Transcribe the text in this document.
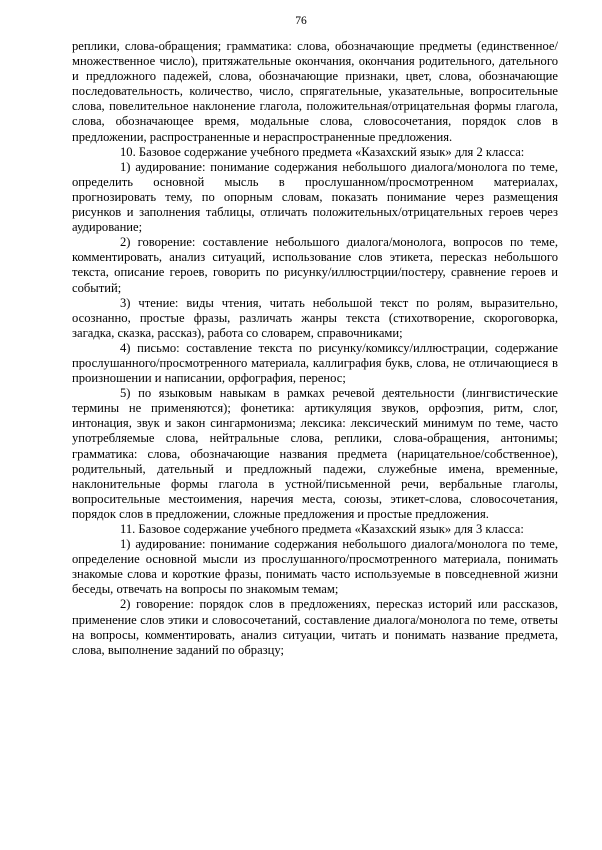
76

реплики, слова-обращения; грамматика: слова, обозначающие предметы (единственное/множественное число), притяжательные окончания, окончания родительного, дательного и предложного падежей, слова, обозначающие признаки, цвет, слова, обозначающие последовательность, количество, число, спрягательные, указательные, вопросительные слова, повелительное наклонение глагола, положительная/отрицательная формы глагола, слова, обозначающее время, модальные слова, словосочетания, порядок слов в предложении, распространенные и нераспространенные предложения.

10. Базовое содержание учебного предмета «Казахский язык» для 2 класса:

1) аудирование: понимание содержания небольшого диалога/монолога по теме, определить основной мысль в прослушанном/просмотренном материалах, прогнозировать тему, по опорным словам, показать понимание через размещения рисунков и заполнения таблицы, отличать положительных/отрицательных героев через аудирование;

2) говорение: составление небольшого диалога/монолога, вопросов по теме, комментировать, анализ ситуаций, использование слов этикета, пересказ небольшого текста, описание героев, говорить по рисунку/иллюстрции/постеру, сравнение героев и событий;

3) чтение: виды чтения, читать небольшой текст по ролям, выразительно, осознанно, простые фразы, различать жанры текста (стихотворение, скороговорка, загадка, сказка, рассказ), работа со словарем, справочниками;

4) письмо: составление текста по рисунку/комиксу/иллюстрации, содержание прослушанного/просмотренного материала, каллиграфия букв, слова, не отличающиеся в произношении и написании, орфография, перенос;

5) по языковым навыкам в рамках речевой деятельности (лингвистические термины не применяются); фонетика: артикуляция звуков, орфоэпия, ритм, слог, интонация, звук и закон сингармонизма; лексика: лексический минимум по теме, часто употребляемые слова, нейтральные слова, реплики, слова-обращения, антонимы; грамматика: слова, обозначающие названия предмета (нарицательное/собственное), родительный, дательный и предложный падежи, служебные имена, временные, наклонительные формы глагола в устной/письменной речи, вербальные глаголы, вопросительные местоимения, наречия места, союзы, этикет-слова, словосочетания, порядок слов в предложении, сложные предложения и простые предложения.

11. Базовое содержание учебного предмета «Казахский язык» для 3 класса:

1) аудирование: понимание содержания небольшого диалога/монолога по теме, определение основной мысли из прослушанного/просмотренного материала, понимать знакомые слова и короткие фразы, понимать часто используемые в повседневной жизни беседы, отвечать на вопросы по знакомым темам;

2) говорение: порядок слов в предложениях, пересказ историй или рассказов, применение слов этики и словосочетаний, составление диалога/монолога по теме, ответы на вопросы, комментировать, анализ ситуации, читать и понимать название предмета, слова, выполнение заданий по образцу;
